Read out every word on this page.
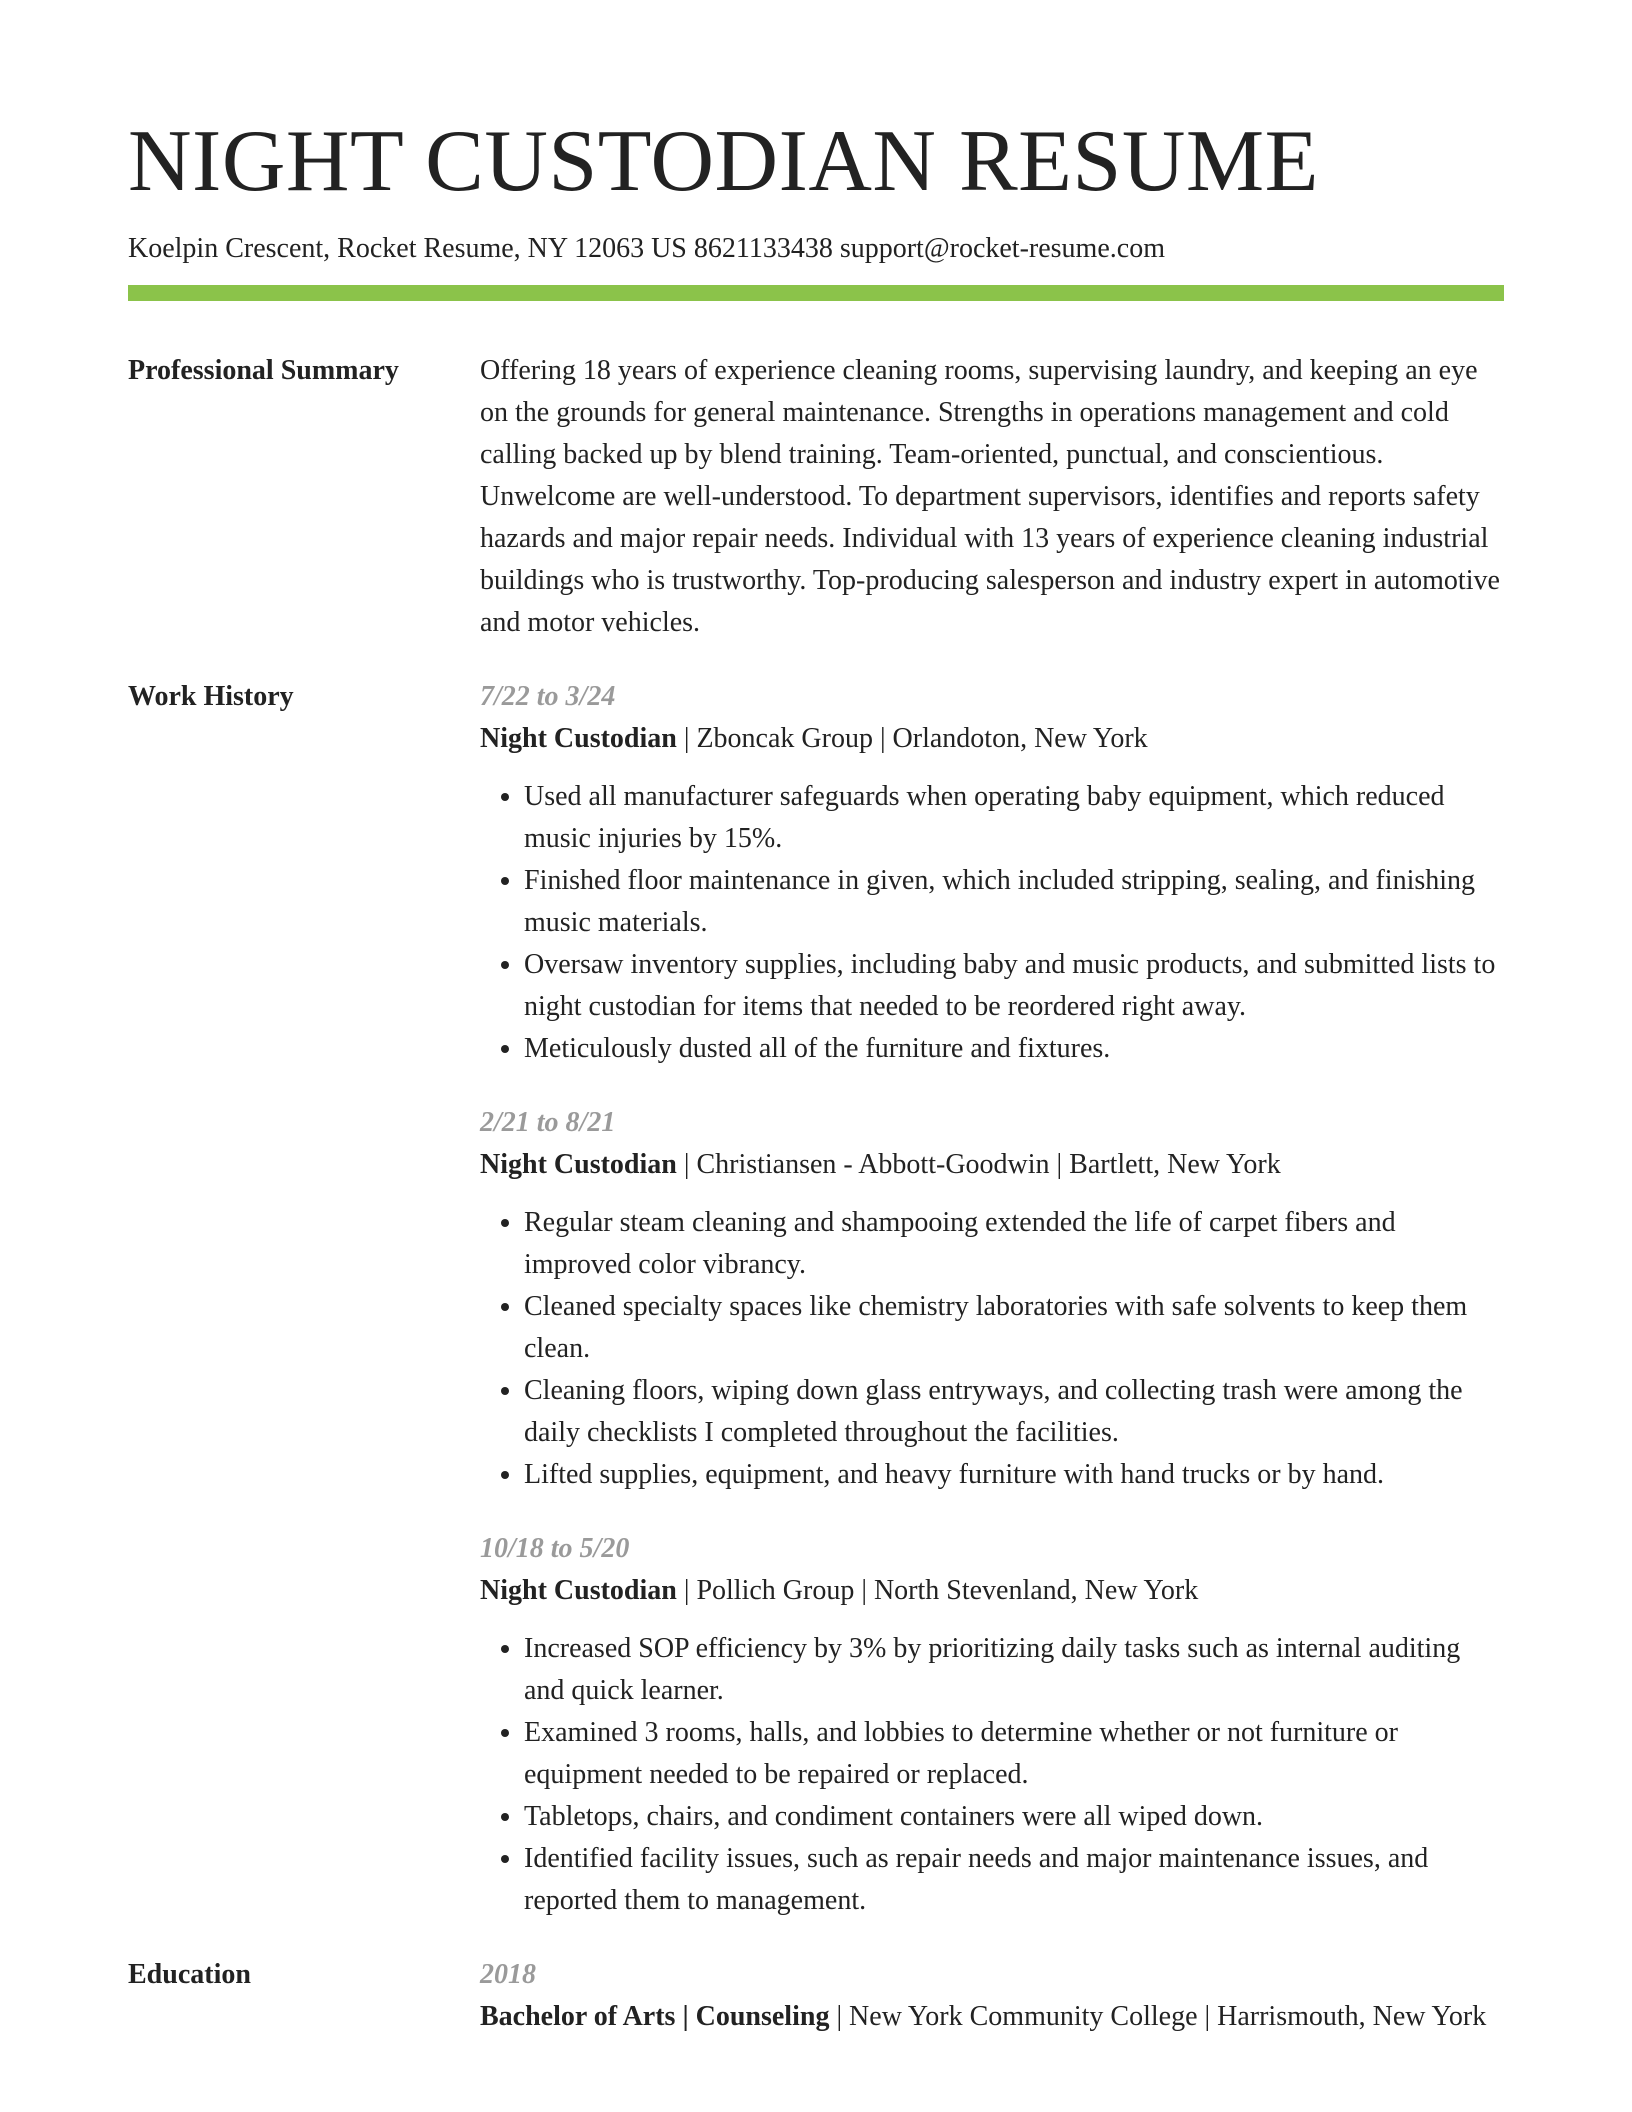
NIGHT CUSTODIAN RESUME
Koelpin Crescent, Rocket Resume, NY 12063 US 8621133438 support@rocket-resume.com
Professional Summary	Offering 18 years of experience cleaning rooms, supervising laundry, and keeping an eye on the grounds for general maintenance. Strengths in operations management and cold calling backed up by blend training. Team-oriented, punctual, and conscientious. Unwelcome are well-understood. To department supervisors, identifies and reports safety hazards and major repair needs. Individual with 13 years of experience cleaning industrial buildings who is trustworthy. Top-producing salesperson and industry expert in automotive and motor vehicles.

Work History	7/22 to 3/24
Night Custodian | Zboncak Group | Orlandoton, New York
• Used all manufacturer safeguards when operating baby equipment, which reduced music injuries by 15%.
• Finished floor maintenance in given, which included stripping, sealing, and finishing music materials.
• Oversaw inventory supplies, including baby and music products, and submitted lists to night custodian for items that needed to be reordered right away.
• Meticulously dusted all of the furniture and fixtures.
2/21 to 8/21
Night Custodian | Christiansen - Abbott-Goodwin | Bartlett, New York
• Regular steam cleaning and shampooing extended the life of carpet fibers and improved color vibrancy.
• Cleaned specialty spaces like chemistry laboratories with safe solvents to keep them clean.
• Cleaning floors, wiping down glass entryways, and collecting trash were among the daily checklists I completed throughout the facilities.
• Lifted supplies, equipment, and heavy furniture with hand trucks or by hand.
10/18 to 5/20
Night Custodian | Pollich Group | North Stevenland, New York
• Increased SOP efficiency by 3% by prioritizing daily tasks such as internal auditing and quick learner.
• Examined 3 rooms, halls, and lobbies to determine whether or not furniture or equipment needed to be repaired or replaced.
• Tabletops, chairs, and condiment containers were all wiped down.
• Identified facility issues, such as repair needs and major maintenance issues, and reported them to management.
Education	2018
Bachelor of Arts | Counseling | New York Community College | Harrismouth, New York
